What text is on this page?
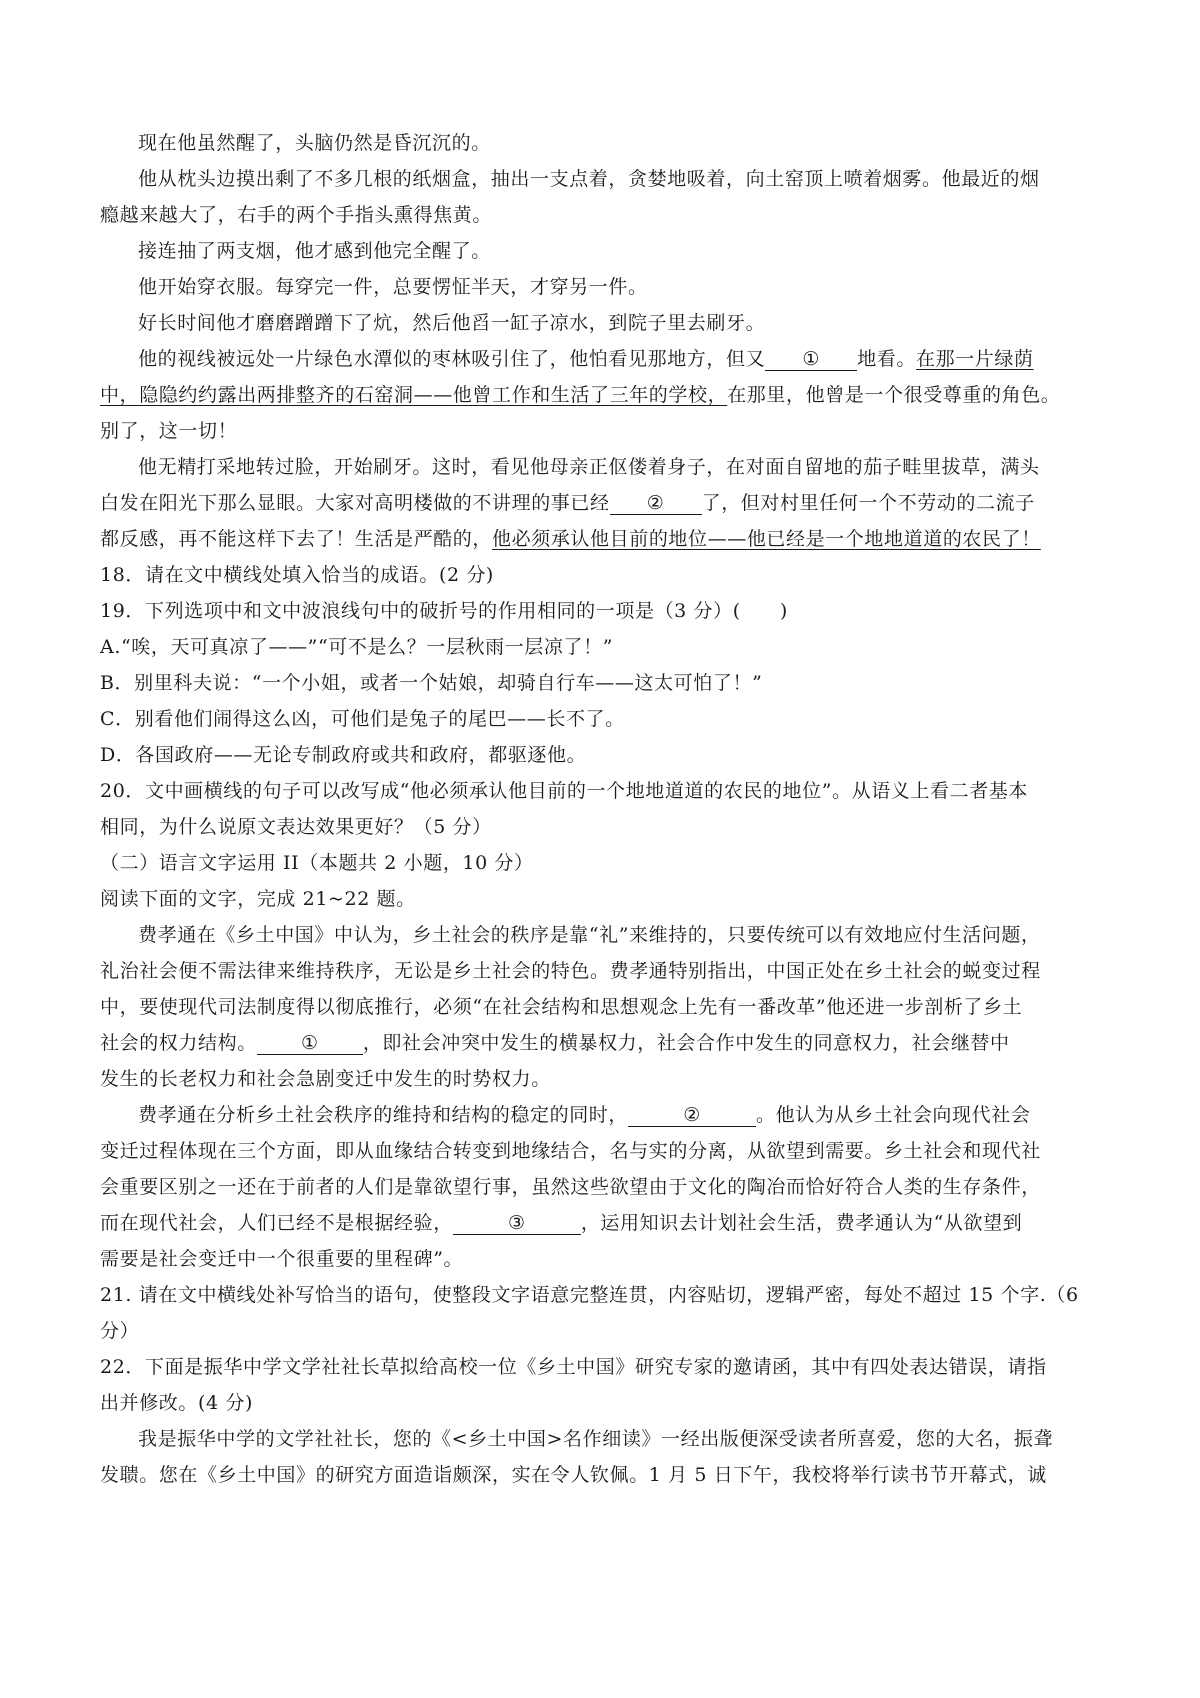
现在他虽然醒了，头脑仍然是昏沉沉的。
他从枕头边摸出剩了不多几根的纸烟盒，抽出一支点着，贪婪地吸着，向土窑顶上喷着烟雾。他最近的烟
瘾越来越大了，右手的两个手指头熏得焦黄。
接连抽了两支烟，他才感到他完全醒了。
他开始穿衣服。每穿完一件，总要愣怔半天，才穿另一件。
好长时间他才磨磨蹭蹭下了炕，然后他舀一缸子凉水，到院子里去刷牙。
他的视线被远处一片绿色水潭似的枣林吸引住了，他怕看见那地方，但又 ① 地看。在那一片绿荫
中，隐隐约约露出两排整齐的石窑洞——他曾工作和生活了三年的学校，在那里，他曾是一个很受尊重的角色。
别了，这一切！
他无精打采地转过脸，开始刷牙。这时，看见他母亲正伛偻着身子，在对面自留地的茄子畦里拔草，满头
白发在阳光下那么显眼。大家对高明楼做的不讲理的事已经 ② 了，但对村里任何一个不劳动的二流子
都反感，再不能这样下去了！生活是严酷的，他必须承认他目前的地位——他已经是一个地地道道的农民了！
18．请在文中横线处填入恰当的成语。(2 分)
19．下列选项中和文中波浪线句中的破折号的作用相同的一项是（3 分）(　　)
A.“唉，天可真凉了——”“可不是么？一层秋雨一层凉了！”
B．别里科夫说：“一个小姐，或者一个姑娘，却骑自行车——这太可怕了！”
C．别看他们闹得这么凶，可他们是兔子的尾巴——长不了。
D．各国政府——无论专制政府或共和政府，都驱逐他。
20．文中画横线的句子可以改写成“他必须承认他目前的一个地地道道的农民的地位”。从语义上看二者基本
相同，为什么说原文表达效果更好？（5 分）
（二）语言文字运用 II（本题共 2 小题，10 分）
阅读下面的文字，完成 21~22 题。
费孝通在《乡土中国》中认为，乡土社会的秩序是靠“礼”来维持的，只要传统可以有效地应付生活问题，
礼治社会便不需法律来维持秩序，无讼是乡土社会的特色。费孝通特别指出，中国正处在乡土社会的蜕变过程
中，要使现代司法制度得以彻底推行，必须“在社会结构和思想观念上先有一番改革”他还进一步剖析了乡土
社会的权力结构。 ① ，即社会冲突中发生的横暴权力，社会合作中发生的同意权力，社会继替中
发生的长老权力和社会急剧变迁中发生的时势权力。
费孝通在分析乡土社会秩序的维持和结构的稳定的同时，	②	。他认为从乡土社会向现代社会
变迁过程体现在三个方面，即从血缘结合转变到地缘结合，名与实的分离，从欲望到需要。乡土社会和现代社
会重要区别之一还在于前者的人们是靠欲望行事，虽然这些欲望由于文化的陶冶而恰好符合人类的生存条件，
而在现代社会，人们已经不是根据经验，	③	，运用知识去计划社会生活，费孝通认为“从欲望到
需要是社会变迁中一个很重要的里程碑”。
21. 请在文中横线处补写恰当的语句，使整段文字语意完整连贯，内容贴切，逻辑严密，每处不超过 15 个字.（6
分）
22．下面是振华中学文学社社长草拟给高校一位《乡土中国》研究专家的邀请函，其中有四处表达错误，请指
出并修改。(4 分)
我是振华中学的文学社社长，您的《<乡土中国>名作细读》一经出版便深受读者所喜爱，您的大名，振聋
发聩。您在《乡土中国》的研究方面造诣颇深，实在令人钦佩。1 月 5 日下午，我校将举行读书节开幕式，诚
